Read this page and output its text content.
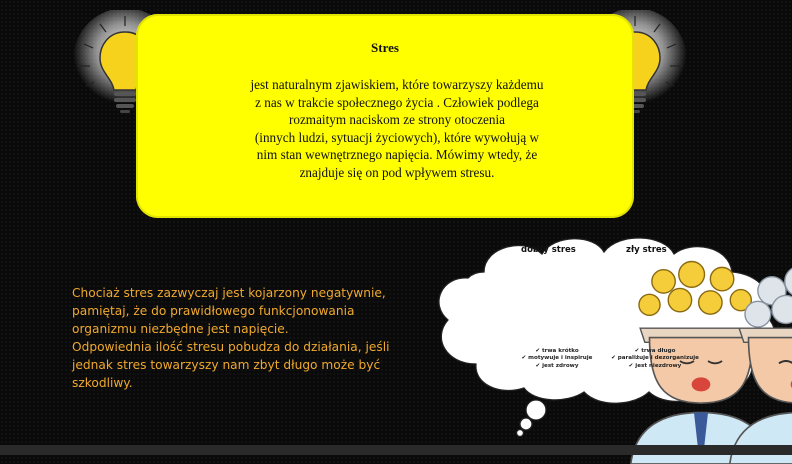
Stres
jest naturalnym zjawiskiem, które towarzyszy każdemu
z nas w trakcie społecznego życia . Człowiek podlega
rozmaitym naciskom ze strony otoczenia
(innych ludzi, sytuacji życiowych), które wywołują w
nim stan wewnętrznego napięcia. Mówimy wtedy, że
znajduje się on pod wpływem stresu.
Chociaż stres zazwyczaj jest kojarzony negatywnie,
pamiętaj, że do prawidłowego funkcjonowania
organizmu niezbędne jest napięcie.
Odpowiednia ilość stresu pobudza do działania, jeśli
jednak stres towarzyszy nam zbyt długo może być
szkodliwy.
dobry stres	zły stres
✔ trwa krótko
✔ motywuje i inspiruje
✔ jest zdrowy
✔ trwa długo
✔ paraliżuje i dezorganizuje
✔ jest niezdrowy
